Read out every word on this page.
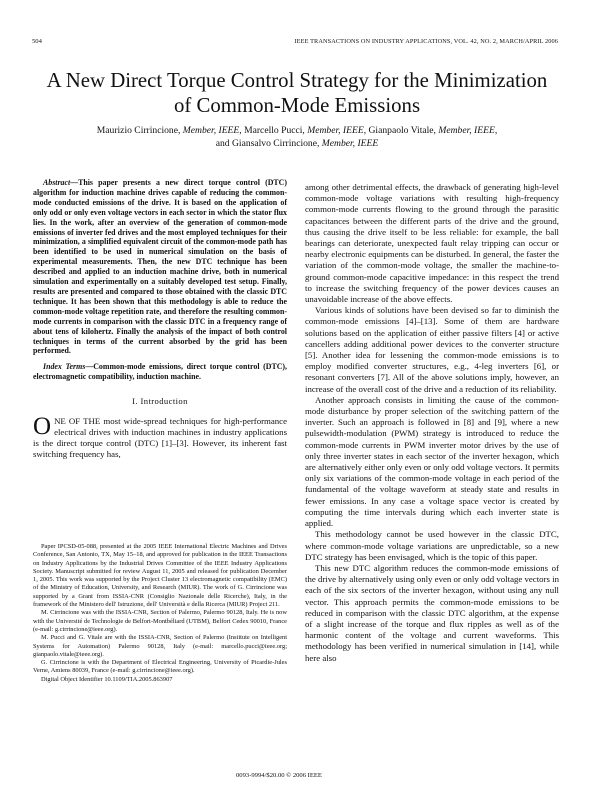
504	IEEE TRANSACTIONS ON INDUSTRY APPLICATIONS, VOL. 42, NO. 2, MARCH/APRIL 2006
A New Direct Torque Control Strategy for the Minimization of Common-Mode Emissions
Maurizio Cirrincione, Member, IEEE, Marcello Pucci, Member, IEEE, Gianpaolo Vitale, Member, IEEE,
and Giansalvo Cirrincione, Member, IEEE

Abstract—This paper presents a new direct torque control (DTC) algorithm for induction machine drives capable of reducing the common-mode conducted emissions of the drive. It is based on the application of only odd or only even voltage vectors in each sector in which the stator flux lies. In the work, after an overview of the generation of common-mode emissions of inverter fed drives and the most employed techniques for their minimization, a simplified equivalent circuit of the common-mode path has been identified to be used in numerical simulation on the basis of experimental measurements. Then, the new DTC technique has been described and applied to an induction machine drive, both in numerical simulation and experimentally on a suitably developed test setup. Finally, results are presented and compared to those obtained with the classic DTC technique. It has been shown that this methodology is able to reduce the common-mode voltage repetition rate, and therefore the resulting common-mode currents in comparison with the classic DTC in a frequency range of about tens of kilohertz. Finally the analysis of the impact of both control techniques in terms of the current absorbed by the grid has been performed.

Index Terms—Common-mode emissions, direct torque control (DTC), electromagnetic compatibility, induction machine.

I. Introduction

ONE OF THE most wide-spread techniques for high-performance electrical drives with induction machines in industry applications is the direct torque control (DTC) [1]–[3]. However, its inherent fast switching frequency has,

Paper IPCSD-05-088, presented at the 2005 IEEE International Electric Machines and Drives Conference, San Antonio, TX, May 15–18, and approved for publication in the IEEE Transactions on Industry Applications by the Industrial Drives Committee of the IEEE Industry Applications Society. Manuscript submitted for review August 11, 2005 and released for publication December 1, 2005. This work was supported by the Project Cluster 13 electromagnetic compatibility (EMC) of the Ministry of Education, University, and Research (MIUR). The work of G. Cirrincione was supported by a Grant from ISSIA-CNR (Consiglio Nazionale delle Ricerche), Italy, in the framework of the Ministero dell' Istruzione, dell' Università e della Ricerca (MIUR) Project 211.

M. Cirrincione was with the ISSIA-CNR, Section of Palermo, Palermo 90128, Italy. He is now with the Université de Technologie de Belfort-Montbéliard (UTBM), Belfort Cedex 90010, France (e-mail: g.cirrincione@ieee.org).

M. Pucci and G. Vitale are with the ISSIA-CNR, Section of Palermo (Institute on Intelligent Systems for Automation) Palermo 90128, Italy (e-mail: marcello.pucci@ieee.org; gianpaolo.vitale@ieee.org).

G. Cirrincione is with the Department of Electrical Engineering, University of Picardie-Jules Verne, Amiens 80039, France (e-mail: g.cirrincione@ieee.org).

Digital Object Identifier 10.1109/TIA.2005.863907

among other detrimental effects, the drawback of generating high-level common-mode voltage variations with resulting high-frequency common-mode currents flowing to the ground through the parasitic capacitances between the different parts of the drive and the ground, thus causing the drive itself to be less reliable: for example, the ball bearings can deteriorate, unexpected fault relay tripping can occur or nearby electronic equipments can be disturbed. In general, the faster the variation of the common-mode voltage, the smaller the machine-to-ground common-mode capacitive impedance: in this respect the trend to increase the switching frequency of the power devices causes an unavoidable increase of the above effects.

Various kinds of solutions have been devised so far to diminish the common-mode emissions [4]–[13]. Some of them are hardware solutions based on the application of either passive filters [4] or active cancellers adding additional power devices to the converter structure [5]. Another idea for lessening the common-mode emissions is to employ modified converter structures, e.g., 4-leg inverters [6], or resonant converters [7]. All of the above solutions imply, however, an increase of the overall cost of the drive and a reduction of its reliability.

Another approach consists in limiting the cause of the common-mode disturbance by proper selection of the switching pattern of the inverter. Such an approach is followed in [8] and [9], where a new pulsewidth-modulation (PWM) strategy is introduced to reduce the common-mode currents in PWM inverter motor drives by the use of only three inverter states in each sector of the inverter hexagon, which are alternatively either only even or only odd voltage vectors. It permits only six variations of the common-mode voltage in each period of the fundamental of the voltage waveform at steady state and results in fewer emissions. In any case a voltage space vector is created by computing the time intervals during which each inverter state is applied.

This methodology cannot be used however in the classic DTC, where common-mode voltage variations are unpredictable, so a new DTC strategy has been envisaged, which is the topic of this paper.

This new DTC algorithm reduces the common-mode emissions of the drive by alternatively using only even or only odd voltage vectors in each of the six sectors of the inverter hexagon, without using any null vector. This approach permits the common-mode emissions to be reduced in comparison with the classic DTC algorithm, at the expense of a slight increase of the torque and flux ripples as well as of the harmonic content of the voltage and current waveforms. This methodology has been verified in numerical simulation in [14], while here also

0093-9994/$20.00 © 2006 IEEE
